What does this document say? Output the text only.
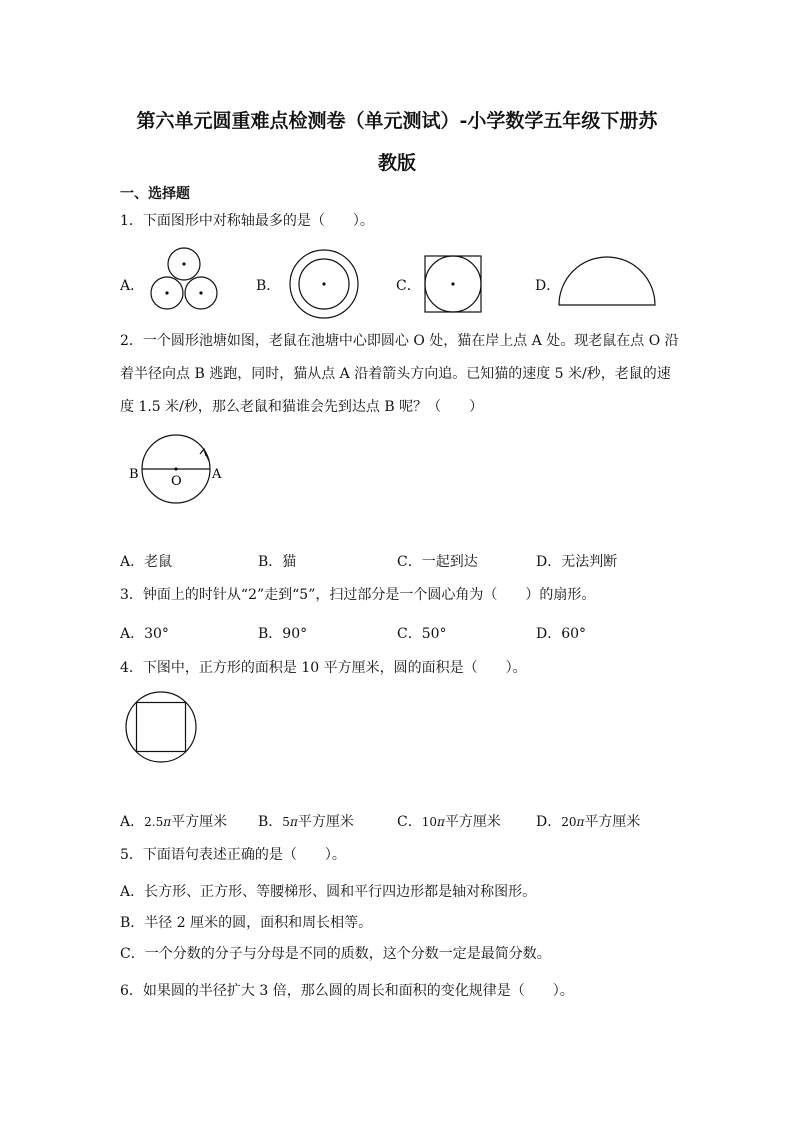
第六单元圆重难点检测卷（单元测试）-小学数学五年级下册苏
教版
一、选择题
1．下面图形中对称轴最多的是（　　）。
A．	B．	C．	D．
2．一个圆形池塘如图，老鼠在池塘中心即圆心 O 处，猫在岸上点 A 处。现老鼠在点 O 沿
着半径向点 B 逃跑，同时，猫从点 A 沿着箭头方向追。已知猫的速度 5 米/秒，老鼠的速
度 1.5 米/秒，那么老鼠和猫谁会先到达点 B 呢？（　　）
B O A
A．老鼠	B．猫	C．一起到达	D．无法判断
3．钟面上的时针从“2”走到“5”，扫过部分是一个圆心角为（　　）的扇形。
A．30°	B．90°	C．50°	D．60°
4．下图中，正方形的面积是 10 平方厘米，圆的面积是（　　）。
A．2.5π平方厘米 B．5π平方厘米	C．10π平方厘米	D．20π平方厘米
5．下面语句表述正确的是（　　）。
A．长方形、正方形、等腰梯形、圆和平行四边形都是轴对称图形。
B．半径 2 厘米的圆，面积和周长相等。
C．一个分数的分子与分母是不同的质数，这个分数一定是最简分数。
6．如果圆的半径扩大 3 倍，那么圆的周长和面积的变化规律是（　　）。
